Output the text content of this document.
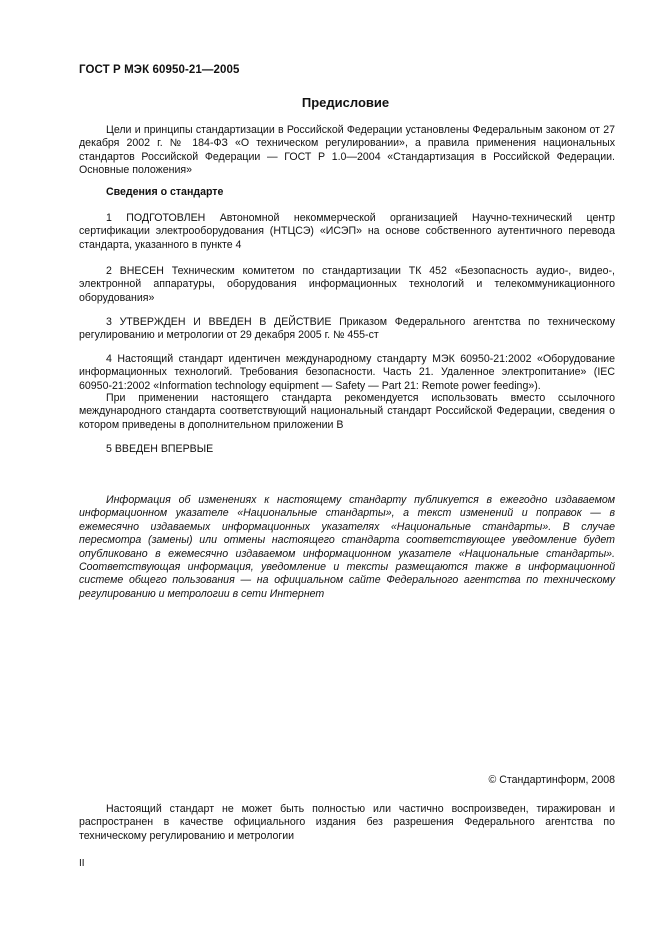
ГОСТ Р МЭК 60950-21—2005
Предисловие
Цели и принципы стандартизации в Российской Федерации установлены Федеральным законом от 27 декабря 2002 г. № 184-ФЗ «О техническом регулировании», а правила применения национальных стандартов Российской Федерации — ГОСТ Р 1.0—2004 «Стандартизация в Российской Федерации. Основные положения»
Сведения о стандарте
1 ПОДГОТОВЛЕН Автономной некоммерческой организацией Научно-технический центр сертификации электрооборудования (НТЦСЭ) «ИСЭП» на основе собственного аутентичного перевода стандарта, указанного в пункте 4
2 ВНЕСЕН Техническим комитетом по стандартизации ТК 452 «Безопасность аудио-, видео-, электронной аппаратуры, оборудования информационных технологий и телекоммуникационного оборудования»
3 УТВЕРЖДЕН И ВВЕДЕН В ДЕЙСТВИЕ Приказом Федерального агентства по техническому регулированию и метрологии от 29 декабря 2005 г. № 455-ст
4 Настоящий стандарт идентичен международному стандарту МЭК 60950-21:2002 «Оборудование информационных технологий. Требования безопасности. Часть 21. Удаленное электропитание» (IEC 60950-21:2002 «Information technology equipment — Safety — Part 21: Remote power feeding»).
При применении настоящего стандарта рекомендуется использовать вместо ссылочного международного стандарта соответствующий национальный стандарт Российской Федерации, сведения о котором приведены в дополнительном приложении В
5 ВВЕДЕН ВПЕРВЫЕ
Информация об изменениях к настоящему стандарту публикуется в ежегодно издаваемом информационном указателе «Национальные стандарты», а текст изменений и поправок — в ежемесячно издаваемых информационных указателях «Национальные стандарты». В случае пересмотра (замены) или отмены настоящего стандарта соответствующее уведомление будет опубликовано в ежемесячно издаваемом информационном указателе «Национальные стандарты». Соответствующая информация, уведомление и тексты размещаются также в информационной системе общего пользования — на официальном сайте Федерального агентства по техническому регулированию и метрологии в сети Интернет
© Стандартинформ, 2008
Настоящий стандарт не может быть полностью или частично воспроизведен, тиражирован и распространен в качестве официального издания без разрешения Федерального агентства по техническому регулированию и метрологии
II
